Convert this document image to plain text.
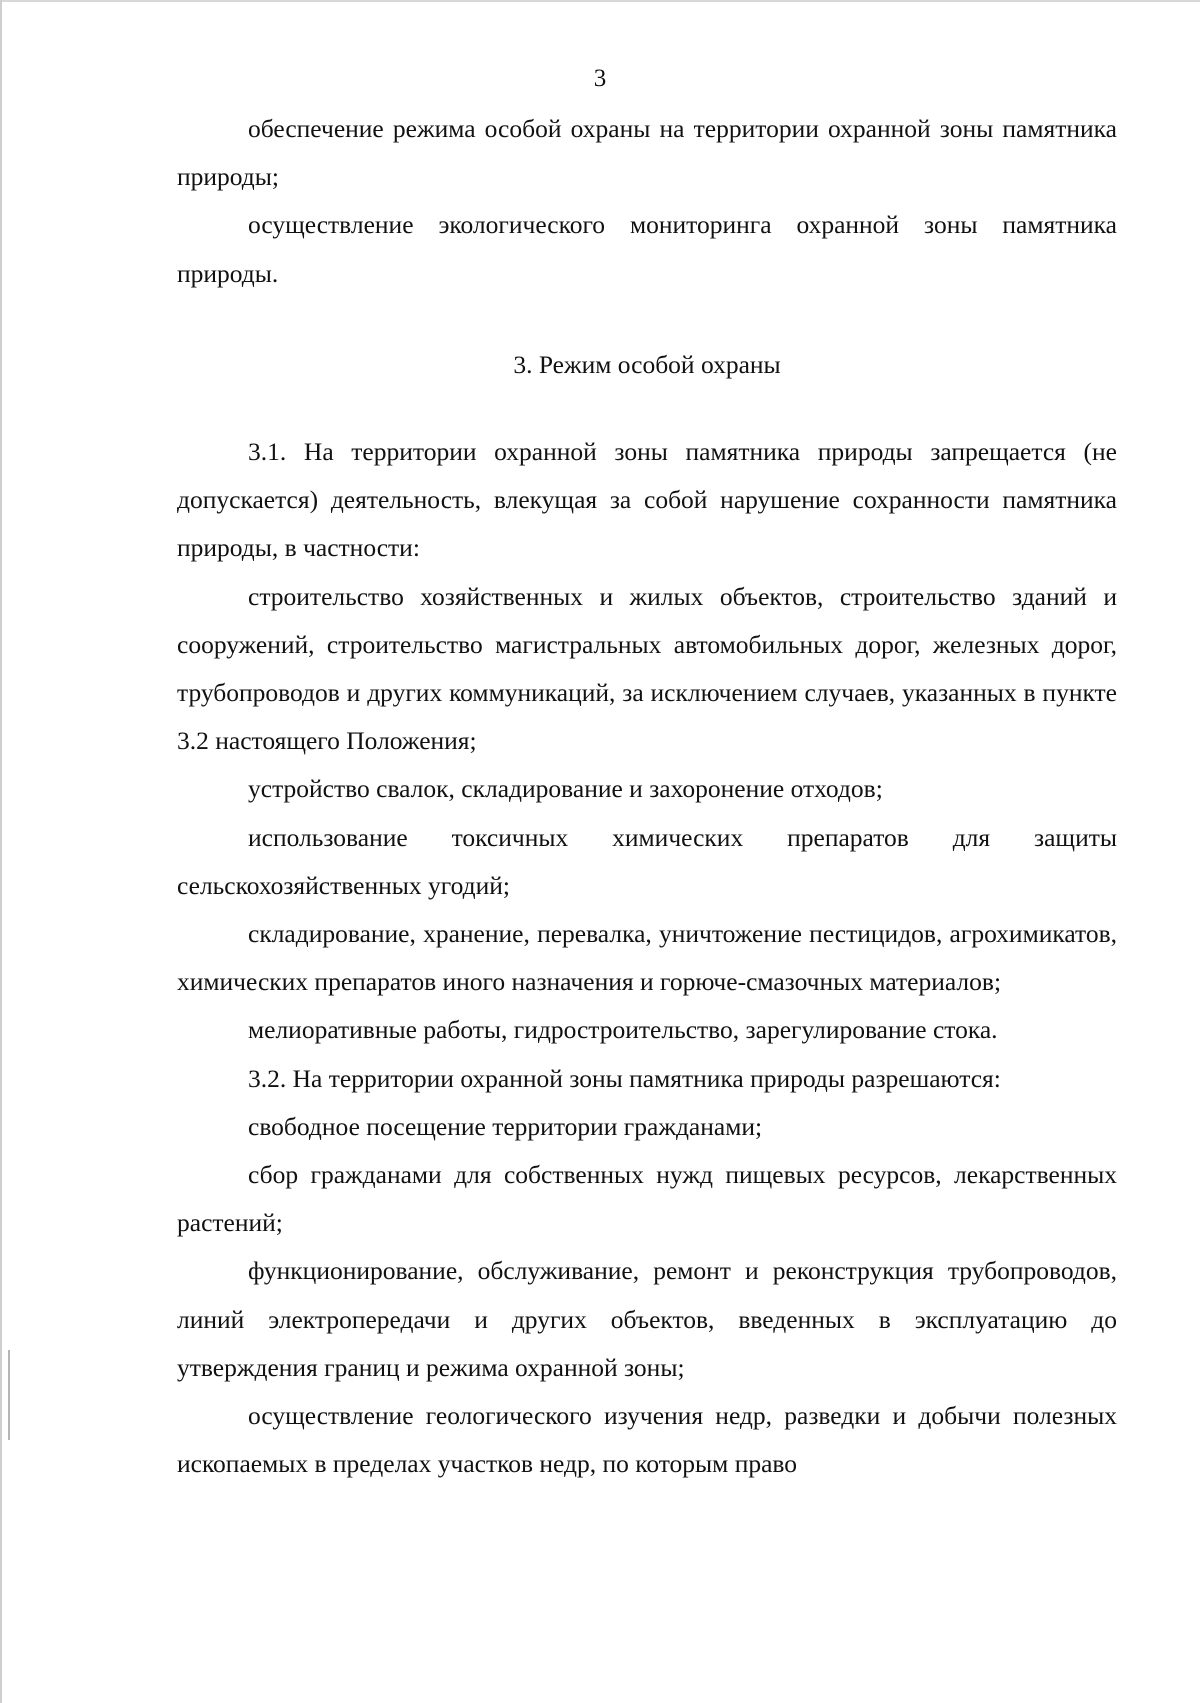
3

обеспечение режима особой охраны на территории охранной зоны памятника природы;

осуществление экологического мониторинга охранной зоны памятника природы.

3. Режим особой охраны

3.1. На территории охранной зоны памятника природы запрещается (не допускается) деятельность, влекущая за собой нарушение сохранности памятника природы, в частности:

строительство хозяйственных и жилых объектов, строительство зданий и сооружений, строительство магистральных автомобильных дорог, железных дорог, трубопроводов и других коммуникаций, за исключением случаев, указанных в пункте 3.2 настоящего Положения;

устройство свалок, складирование и захоронение отходов;

использование токсичных химических препаратов для защиты сельскохозяйственных угодий;

складирование, хранение, перевалка, уничтожение пестицидов, агрохимикатов, химических препаратов иного назначения и горюче-смазочных материалов;

мелиоративные работы, гидростроительство, зарегулирование стока.

3.2. На территории охранной зоны памятника природы разрешаются:

свободное посещение территории гражданами;

сбор гражданами для собственных нужд пищевых ресурсов, лекарственных растений;

функционирование, обслуживание, ремонт и реконструкция трубопроводов, линий электропередачи и других объектов, введенных в эксплуатацию до утверждения границ и режима охранной зоны;

осуществление геологического изучения недр, разведки и добычи полезных ископаемых в пределах участков недр, по которым право
